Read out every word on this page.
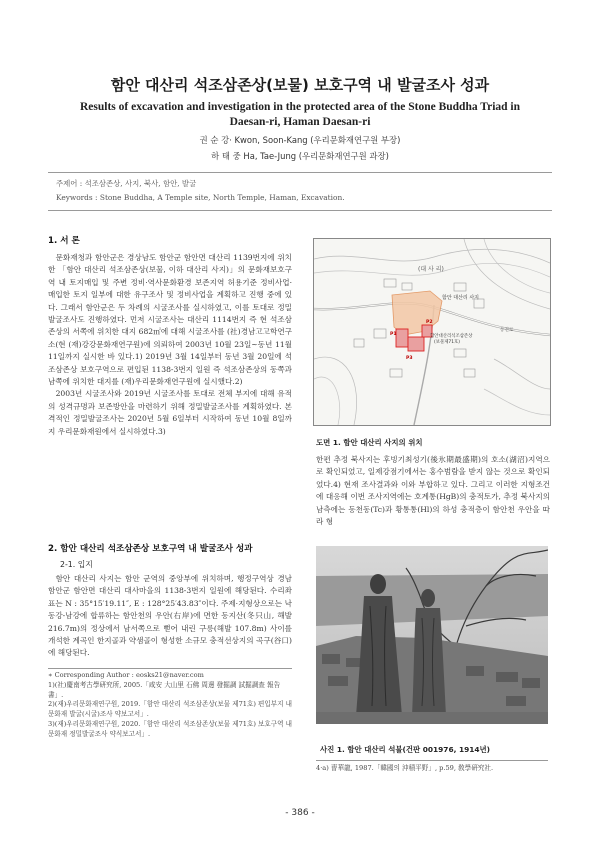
함안 대산리 석조삼존상(보물) 보호구역 내 발굴조사 성과
Results of excavation and investigation in the protected area of the Stone Buddha Triad in
Daesan-ri, Haman Daesan-ri
권 순 강· Kwon, Soon-Kang (우리문화재연구원 부장)
하 태 중 Ha, Tae-Jung (우리문화재연구원 과장)
주제어 : 석조삼존상, 사지, 북사, 함안, 발굴
Keywords : Stone Buddha, A Temple site, North Temple, Haman, Excavation.
1. 서 론

문화재청과 함안군은 경상남도 함안군 함안면 대산리 1139번지에 위치한 「함안 대산리 석조삼존상(보물, 이하 대산리 사지)」의 문화재보호구역 내 토지매입 및 주변 정비·역사문화환경 보존지역 허용기준 정비사업·매입한 토지 일부에 대한 유구조사 및 정비사업을 계획하고 진행 중에 있다. 그래서 함안군은 두 차례의 시굴조사를 실시하였고, 이를 토대로 정밀발굴조사도 진행하였다. 먼저 시굴조사는 대산리 1114번지 즉 현 석조삼존상의 서쪽에 위치한 대지 682㎡에 대해 시굴조사를 (社)경남고고학연구소(현 (재)강강문화재연구원)에 의뢰하여 2003년 10월 23일~동년 11월 11일까지 실시한 바 있다.1) 2019년 3월 14일부터 동년 3월 20일에 석조삼존상 보호구역으로 편입된 1138-3번지 일원 즉 석조삼존상의 동쪽과 남쪽에 위치한 대지를 (재)우리문화재연구원에 실시했다.2)

2003년 시굴조사와 2019년 시굴조사를 토대로 전체 부지에 대해 유적의 성격규명과 보존방안을 마련하기 위해 정밀발굴조사를 계획하였다. 본격적인 정밀발굴조사는 2020년 5월 6일부터 시작하여 동년 10월 8일까지 우리문화재원에서 실시하였다.3)

2. 함안 대산리 석조삼존상 보호구역 내 발굴조사 성과
2-1. 입지

함안 대산리 사지는 함안 군역의 중앙부에 위치하며, 행정구역상 경남 함안군 함안면 대산리 대사마을의 1138-3번지 일원에 해당된다. 수리좌표는 N : 35°15′19.11″, E : 128°25′43.83″이다. 주제·지형상으로는 낙동강-남강에 합류하는 함안천의 우안(右岸)에 면한 동지산(冬只山, 해발 216.7m)의 정상에서 남서쪽으로 뻗어 내린 구릉(해발 107.8m) 사이를 개석한 계곡인 한지골과 약샘골이 형성한 소규모 충적선상지의 곡구(谷口)에 해당된다.

∗ Corresponding Author : eosks21@naver.com
1)(社)慶南考古學硏究所, 2005.「咸安 大山里 石佛 周邊 發掘調 試掘調查 報告書」.
2)(재)우리문화재연구원, 2019.「함안 대산리 석조삼존상(보물 제71호) 편입부지 내 문화재 발굴(시굴)조사 약보고서」.
3)(재)우리문화재연구원, 2020.「함안 대산리 석조삼존상(보물 제71호) 보호구역 내 문화재 정밀발굴조사 약식보고서」.
(대 사 리)
함안 대산리 사지
함안대산리석조삼존상
(보물제71호)
P1
P2
P3
동전로
도면 1. 함안 대산리 사지의 위치

한편 추정 북사지는 후빙기최성기(後氷期最盛期)의 호소(湖沼)지역으로 확인되었고, 일제강점기에서는 홍수범람을 받지 않는 것으로 확인되었다.4) 현재 조사결과와 이와 부합하고 있다. 그리고 이러한 지형조건에 대응해 이번 조사지역에는 호계통(HgB)의 충적토가, 추정 북사지의 남측에는 동천동(Tc)과 황통통(Hl)의 하성 충적층이 함안천 우안을 따라 형

사진 1. 함안 대산리 석불(건판 001976, 1914년)
4·a) 曺華龍, 1987.「韓國의 沖積平野」, p.59, 敎學硏究社.
- 386 -
